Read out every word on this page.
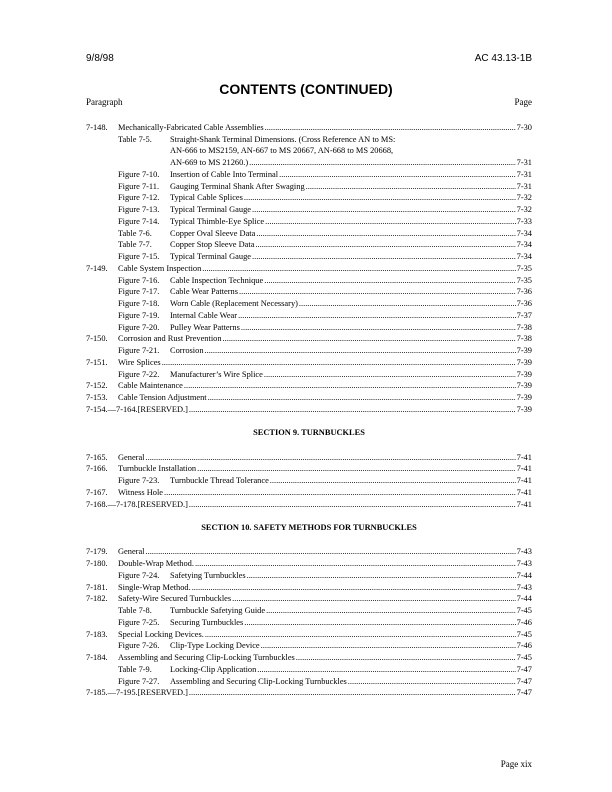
9/8/98	AC 43.13-1B
CONTENTS (CONTINUED)
Paragraph	Page
7-148.	Mechanically-Fabricated Cable Assemblies .....	7-30
Table 7-5.	Straight-Shank Terminal Dimensions. (Cross Reference AN to MS:
AN-666 to MS2159, AN-667 to MS 20667, AN-668 to MS 20668,
AN-669 to MS 21260.) .....	7-31
Figure 7-10.	Insertion of Cable Into Terminal .....	7-31
Figure 7-11.	Gauging Terminal Shank After Swaging .....	7-31
Figure 7-12.	Typical Cable Splices .....	7-32
Figure 7-13.	Typical Terminal Gauge .....	7-32
Figure 7-14.	Typical Thimble-Eye Splice .....	7-33
Table 7-6.	Copper Oval Sleeve Data .....	7-34
Table 7-7.	Copper Stop Sleeve Data .....	7-34
Figure 7-15.	Typical Terminal Gauge .....	7-34
7-149.	Cable System Inspection .....	7-35
Figure 7-16.	Cable Inspection Technique .....	7-35
Figure 7-17.	Cable Wear Patterns .....	7-36
Figure 7-18.	Worn Cable (Replacement Necessary) .....	7-36
Figure 7-19.	Internal Cable Wear .....	7-37
Figure 7-20.	Pulley Wear Patterns .....	7-38
7-150.	Corrosion and Rust Prevention .....	7-38
Figure 7-21.	Corrosion .....	7-39
7-151.	Wire Splices .....	7-39
Figure 7-22.	Manufacturer’s Wire Splice .....	7-39
7-152.	Cable Maintenance .....	7-39
7-153.	Cable Tension Adjustment .....	7-39
7-154.—7-164. [RESERVED.] .....	7-39
SECTION 9. TURNBUCKLES
7-165.	General .....	7-41
7-166.	Turnbuckle Installation .....	7-41
Figure 7-23.	Turnbuckle Thread Tolerance .....	7-41
7-167.	Witness Hole .....	7-41
7-168.—7-178. [RESERVED.] .....	7-41
SECTION 10. SAFETY METHODS FOR TURNBUCKLES
7-179.	General .....	7-43
7-180.	Double-Wrap Method. .....	7-43
Figure 7-24.	Safetying Turnbuckles .....	7-44
7-181.	Single-Wrap Method. .....	7-43
7-182.	Safety-Wire Secured Turnbuckles .....	7-44
Table 7-8.	Turnbuckle Safetying Guide .....	7-45
Figure 7-25.	Securing Turnbuckles .....	7-46
7-183.	Special Locking Devices. .....	7-45
Figure 7-26.	Clip-Type Locking Device .....	7-46
7-184.	Assembling and Securing Clip-Locking Turnbuckles .....	7-45
Table 7-9.	Locking-Clip Application .....	7-47
Figure 7-27.	Assembling and Securing Clip-Locking Turnbuckles .....	7-47
7-185.—7-195. [RESERVED.] .....	7-47
Page xix
